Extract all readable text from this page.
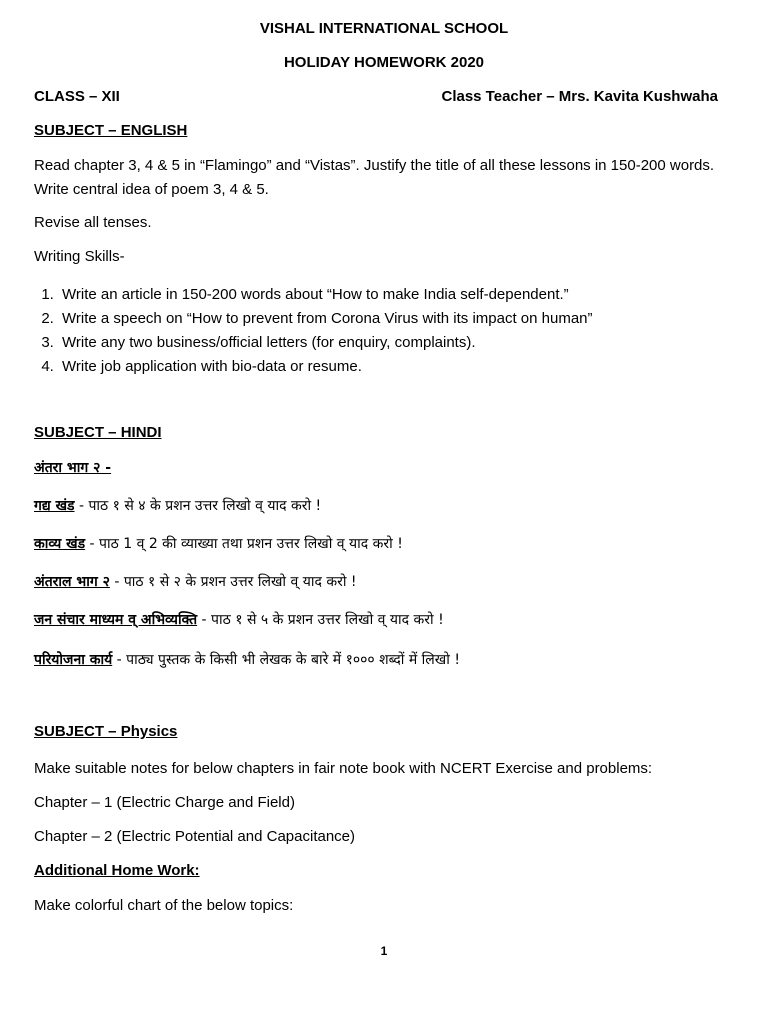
VISHAL INTERNATIONAL SCHOOL
HOLIDAY HOMEWORK 2020
CLASS – XII	Class Teacher – Mrs. Kavita Kushwaha
SUBJECT – ENGLISH
Read chapter 3, 4 & 5 in “Flamingo” and “Vistas”. Justify the title of all these lessons in 150-200 words. Write central idea of poem 3, 4 & 5.
Revise all tenses.
Writing Skills-
1. Write an article in 150-200 words about “How to make India self-dependent.”
2. Write a speech on “How to prevent from Corona Virus with its impact on human”
3. Write any two business/official letters (for enquiry, complaints).
4. Write job application with bio-data or resume.
SUBJECT – HINDI
अंतरा भाग २ -
गद्य खंड - पाठ १ से ४ के प्रशन उत्तर लिखो व् याद करो !
काव्य खंड - पाठ 1 व् 2 की व्याख्या तथा प्रशन उत्तर लिखो व् याद करो !
अंतराल भाग २ - पाठ १ से २ के प्रशन उत्तर लिखो व् याद करो !
जन संचार माध्यम व् अभिव्यक्ति - पाठ १ से ५ के प्रशन उत्तर लिखो व् याद करो !
परियोजना कार्य - पाठ्य पुस्तक के किसी भी लेखक के बारे में १००० शब्दों में लिखो !
SUBJECT – Physics
Make suitable notes for below chapters in fair note book with NCERT Exercise and problems:
Chapter – 1 (Electric Charge and Field)
Chapter – 2 (Electric Potential and Capacitance)
Additional Home Work:
Make colorful chart of the below topics:
1
